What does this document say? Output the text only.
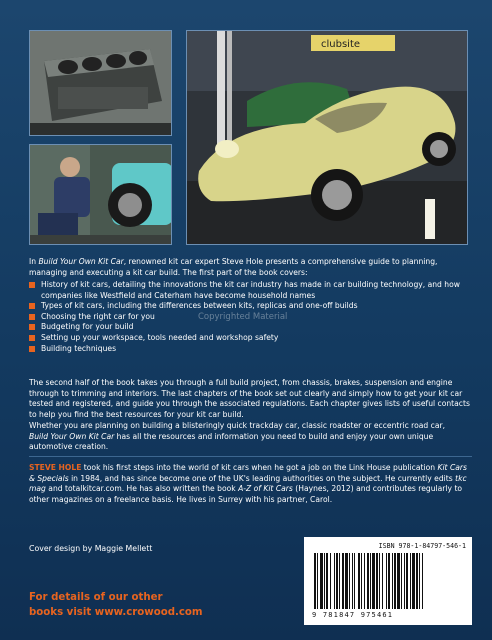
clubsite
In Build Your Own Kit Car, renowned kit car expert Steve Hole presents a comprehensive guide to planning, managing and executing a kit car build. The first part of the book covers:
History of kit cars, detailing the innovations the kit car industry has made in car building technology, and how companies like Westfield and Caterham have become household names
Types of kit cars, including the differences between kits, replicas and one-off builds
Choosing the right car for you
Budgeting for your build
Setting up your workspace, tools needed and workshop safety
Building techniques
Copyrighted Material
The second half of the book takes you through a full build project, from chassis, brakes, suspension and engine through to trimming and interiors. The last chapters of the book set out clearly and simply how to get your kit car tested and registered, and guide you through the associated regulations. Each chapter gives lists of useful contacts to help you find the best resources for your kit car build.
Whether you are planning on building a blisteringly quick trackday car, classic roadster or eccentric road car,
Build Your Own Kit Car has all the resources and information you need to build and enjoy your own unique automotive creation.
STEVE HOLE took his first steps into the world of kit cars when he got a job on the Link House publication Kit Cars & Specials in 1984, and has since become one of the UK's leading authorities on the subject. He currently edits tkc mag and totalkitcar.com. He has also written the book A-Z of Kit Cars (Haynes, 2012) and contributes regularly to other magazines on a freelance basis. He lives in Surrey with his partner, Carol.
Cover design by Maggie Mellett	ISBN 978-1-84797-546-1
9 781847 975461
For details of our other
books visit www.crowood.com
